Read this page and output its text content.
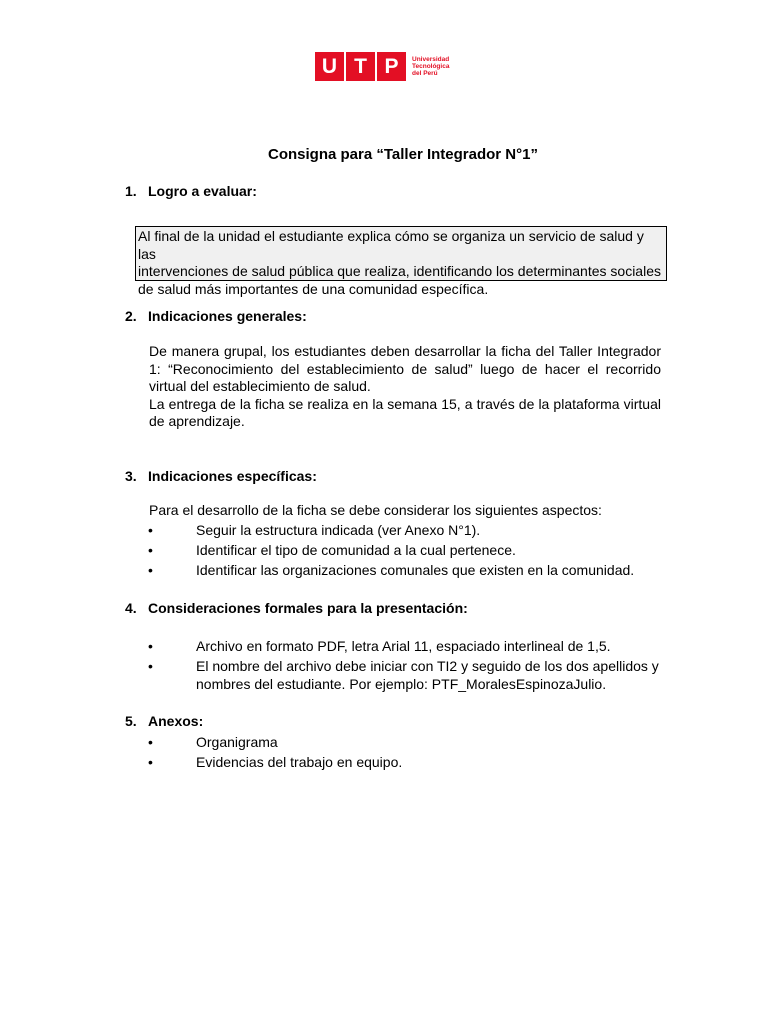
U T P	Universidad
Tecnológica
del Perú
Consigna para “Taller Integrador N°1”
1. Logro a evaluar:
Al final de la unidad el estudiante explica cómo se organiza un servicio de salud y las
intervenciones de salud pública que realiza, identificando los determinantes sociales
de salud más importantes de una comunidad específica.
2. Indicaciones generales:
De manera grupal, los estudiantes deben desarrollar la ficha del Taller Integrador 1: “Reconocimiento del establecimiento de salud” luego de hacer el recorrido virtual del establecimiento de salud.
La entrega de la ficha se realiza en la semana 15, a través de la plataforma virtual de aprendizaje.
3. Indicaciones específicas:
Para el desarrollo de la ficha se debe considerar los siguientes aspectos:
•	Seguir la estructura indicada (ver Anexo N°1).
•	Identificar el tipo de comunidad a la cual pertenece.
•	Identificar las organizaciones comunales que existen en la comunidad.
4. Consideraciones formales para la presentación:
•	Archivo en formato PDF, letra Arial 11, espaciado interlineal de 1,5.
•	El nombre del archivo debe iniciar con TI2 y seguido de los dos apellidos y nombres del estudiante. Por ejemplo: PTF_MoralesEspinozaJulio.
5. Anexos:
•	Organigrama
•	Evidencias del trabajo en equipo.
